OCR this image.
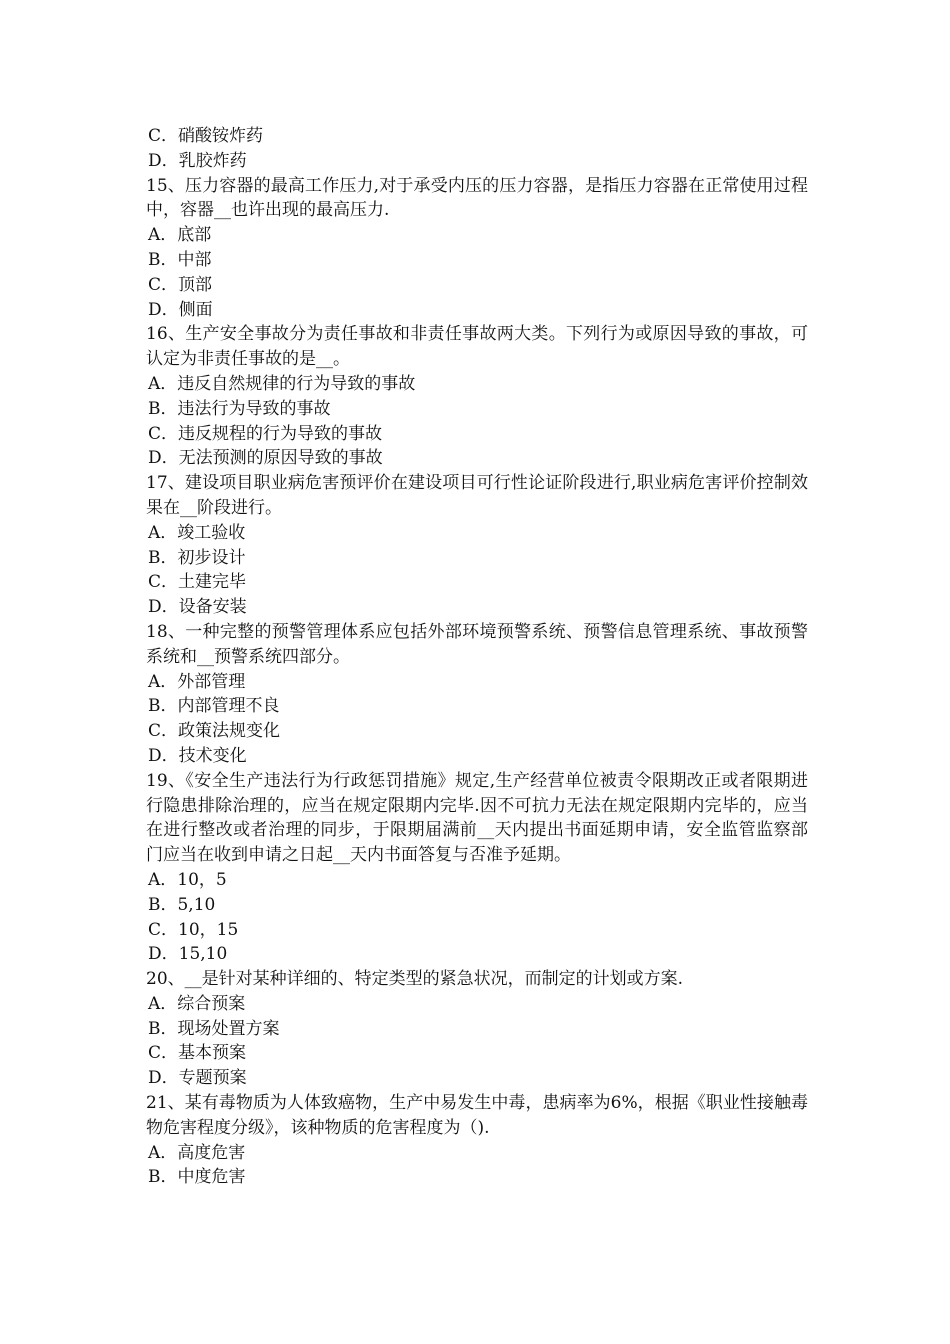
C．硝酸铵炸药

D．乳胶炸药

15、压力容器的最高工作压力,对于承受内压的压力容器，是指压力容器在正常使用过程中，容器__也许出现的最高压力.

A．底部

B．中部

C．顶部

D．侧面

16、生产安全事故分为责任事故和非责任事故两大类。下列行为或原因导致的事故，可认定为非责任事故的是__。

A．违反自然规律的行为导致的事故

B．违法行为导致的事故

C．违反规程的行为导致的事故

D．无法预测的原因导致的事故

17、建设项目职业病危害预评价在建设项目可行性论证阶段进行,职业病危害评价控制效果在__阶段进行。

A．竣工验收

B．初步设计

C．土建完毕

D．设备安装

18、一种完整的预警管理体系应包括外部环境预警系统、预警信息管理系统、事故预警系统和__预警系统四部分。

A．外部管理

B．内部管理不良

C．政策法规变化

D．技术变化

19、《安全生产违法行为行政惩罚措施》规定,生产经营单位被责令限期改正或者限期进行隐患排除治理的，应当在规定限期内完毕.因不可抗力无法在规定限期内完毕的，应当在进行整改或者治理的同步，于限期届满前__天内提出书面延期申请，安全监管监察部门应当在收到申请之日起__天内书面答复与否准予延期。

A．10，5

B．5,10

C．10，15

D．15,10

20、__是针对某种详细的、特定类型的紧急状况，而制定的计划或方案.

A．综合预案

B．现场处置方案

C．基本预案

D．专题预案

21、某有毒物质为人体致癌物，生产中易发生中毒，患病率为6%，根据《职业性接触毒物危害程度分级》，该种物质的危害程度为（).

A．高度危害

B．中度危害
